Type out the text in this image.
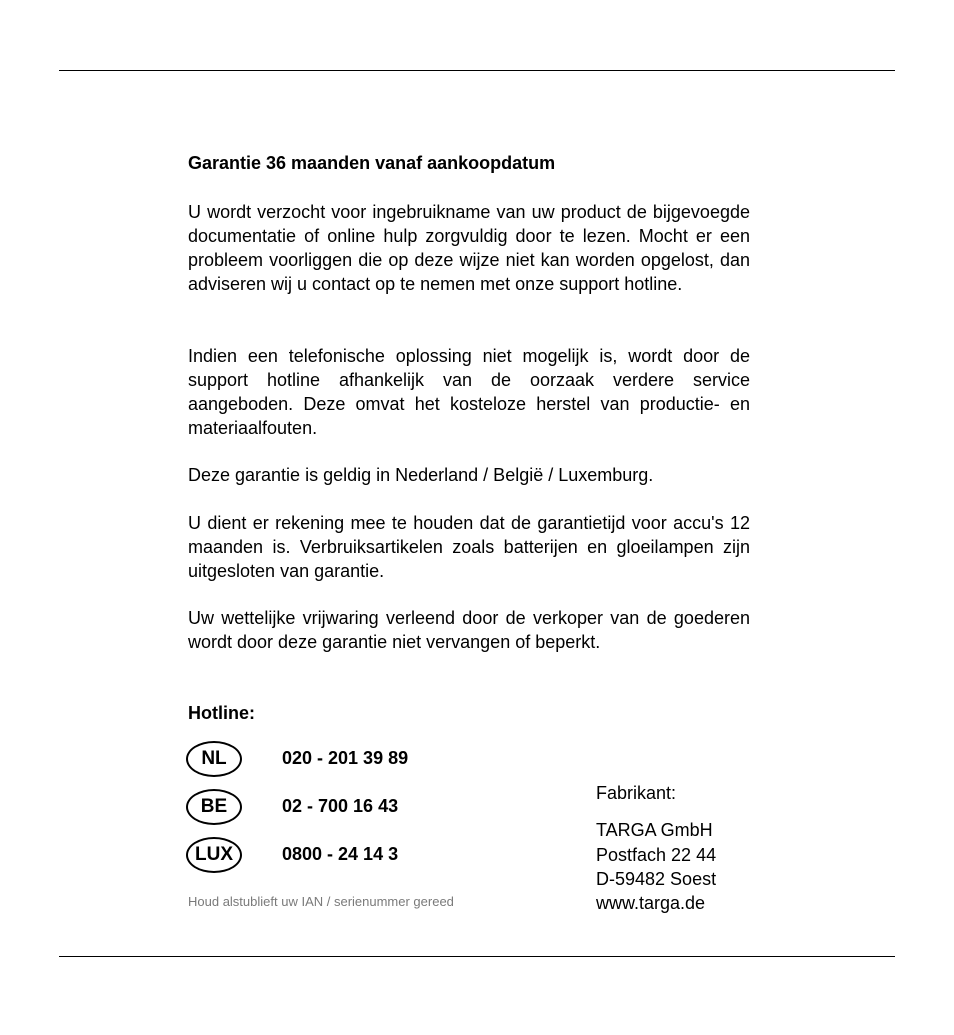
Garantie 36 maanden vanaf aankoopdatum

U wordt verzocht voor ingebruikname van uw product de bijgevoegde documentatie of online hulp zorgvuldig door te lezen. Mocht er een probleem voorliggen die op deze wijze niet kan worden opgelost, dan adviseren wij u contact op te nemen met onze support hotline.

Indien een telefonische oplossing niet mogelijk is, wordt door de support hotline afhankelijk van de oorzaak verdere service aangeboden. Deze omvat het kosteloze herstel van productie- en materiaalfouten.

Deze garantie is geldig in Nederland / België / Luxemburg.

U dient er rekening mee te houden dat de garantietijd voor accu's 12 maanden is. Verbruiksartikelen zoals batterijen en gloeilampen zijn uitgesloten van garantie.

Uw wettelijke vrijwaring verleend door de verkoper van de goederen wordt door deze garantie niet vervangen of beperkt.

Hotline:
NL	020 - 201 39 89
BE	02 - 700 16 43
LUX	0800 - 24 14 3
Houd alstublieft uw IAN / serienummer gereed
Fabrikant:
TARGA GmbH
Postfach 22 44
D-59482 Soest
www.targa.de
